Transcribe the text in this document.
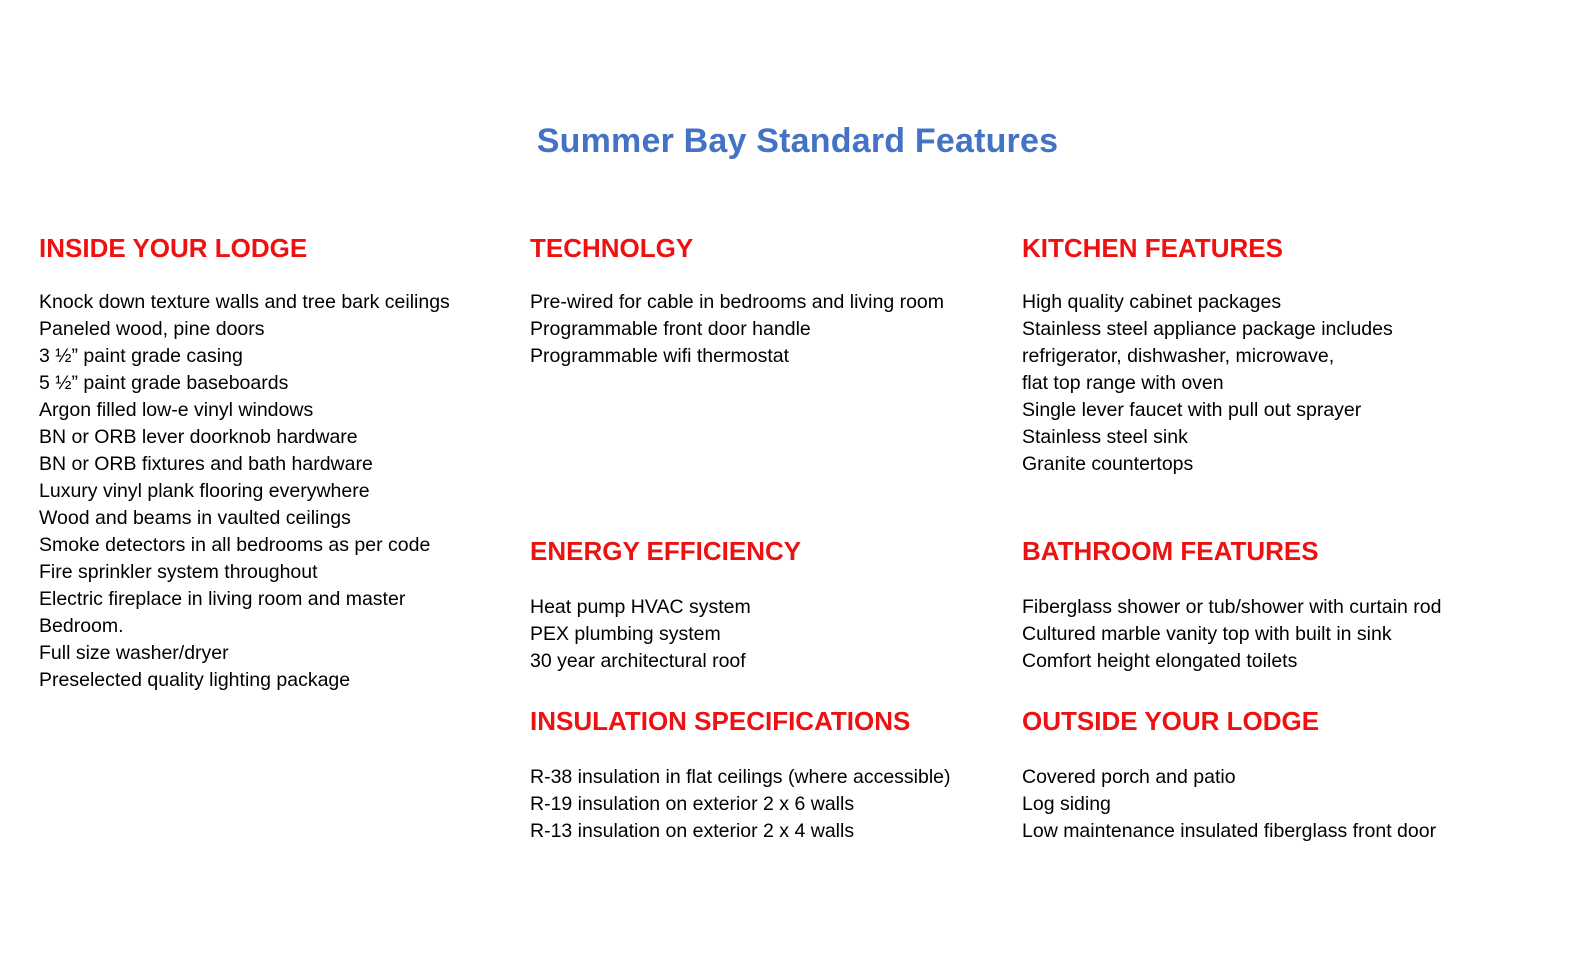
Summer Bay Standard Features
INSIDE YOUR LODGE
Knock down texture walls and tree bark ceilings
Paneled wood, pine doors
3 ½” paint grade casing
5 ½” paint grade baseboards
Argon filled low-e vinyl windows
BN or ORB lever doorknob hardware
BN or ORB fixtures and bath hardware
Luxury vinyl plank flooring everywhere
Wood and beams in vaulted ceilings
Smoke detectors in all bedrooms as per code
Fire sprinkler system throughout
Electric fireplace in living room and master
Bedroom.
Full size washer/dryer
Preselected quality lighting package
TECHNOLGY
Pre-wired for cable in bedrooms and living room
Programmable front door handle
Programmable wifi thermostat
KITCHEN FEATURES
High quality cabinet packages
Stainless steel appliance package includes
refrigerator, dishwasher, microwave,
flat top range with oven
Single lever faucet with pull out sprayer
Stainless steel sink
Granite countertops
ENERGY EFFICIENCY
Heat pump HVAC system
PEX plumbing system
30 year architectural roof
BATHROOM FEATURES
Fiberglass shower or tub/shower with curtain rod
Cultured marble vanity top with built in sink
Comfort height elongated toilets
INSULATION SPECIFICATIONS
R-38 insulation in flat ceilings (where accessible)
R-19 insulation on exterior 2 x 6 walls
R-13 insulation on exterior 2 x 4 walls
OUTSIDE YOUR LODGE
Covered porch and patio
Log siding
Low maintenance insulated fiberglass front door
